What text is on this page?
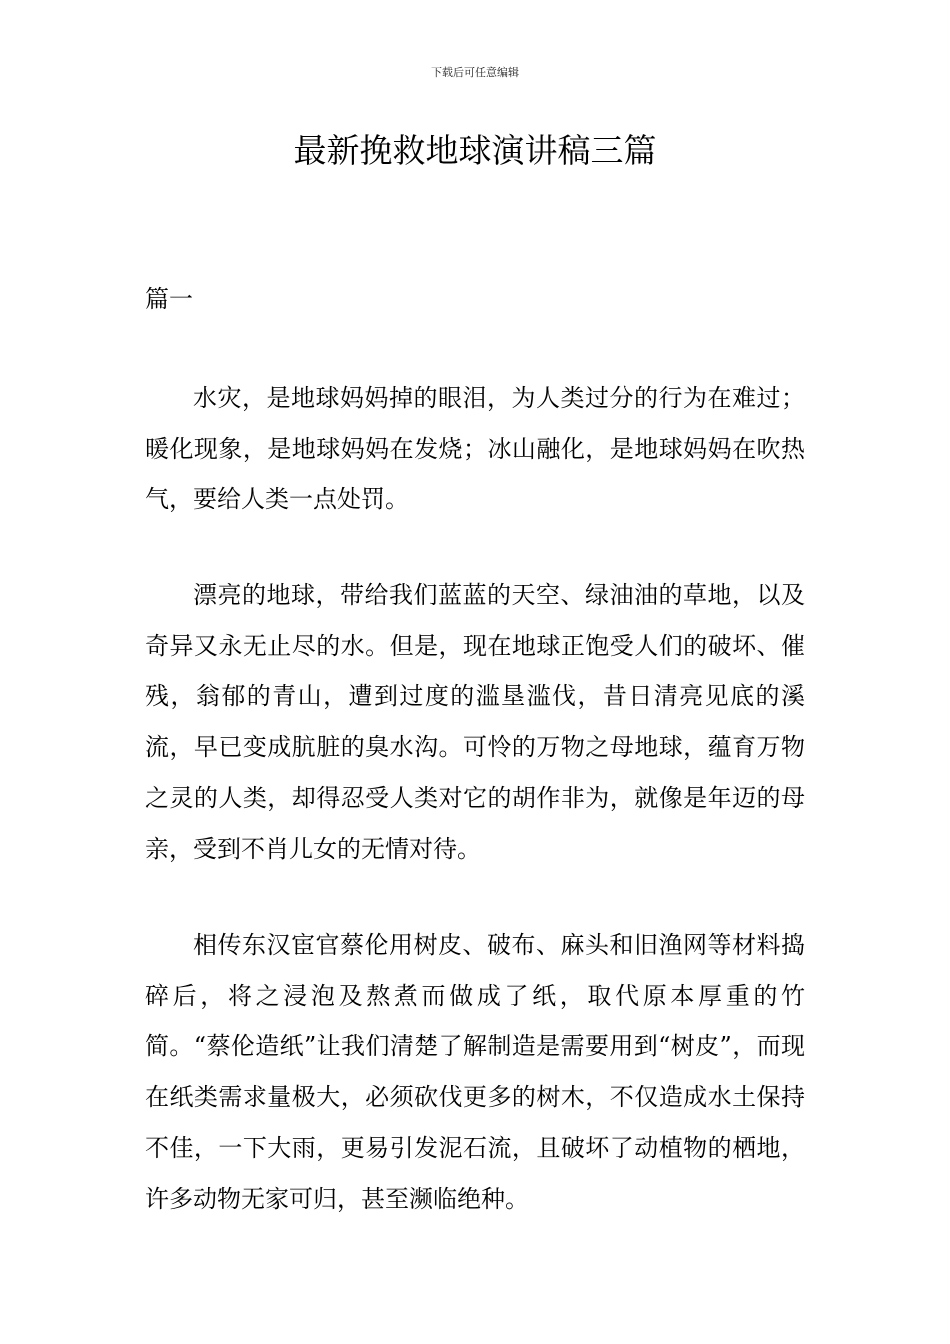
下载后可任意编辑
最新挽救地球演讲稿三篇
篇一

水灾，是地球妈妈掉的眼泪，为人类过分的行为在难过；暖化现象，是地球妈妈在发烧；冰山融化，是地球妈妈在吹热气，要给人类一点处罚。

漂亮的地球，带给我们蓝蓝的天空、绿油油的草地，以及奇异又永无止尽的水。但是，现在地球正饱受人们的破坏、催残，翁郁的青山，遭到过度的滥垦滥伐，昔日清亮见底的溪流，早已变成肮脏的臭水沟。可怜的万物之母地球，蕴育万物之灵的人类，却得忍受人类对它的胡作非为，就像是年迈的母亲，受到不肖儿女的无情对待。

相传东汉宦官蔡伦用树皮、破布、麻头和旧渔网等材料捣碎后，将之浸泡及熬煮而做成了纸，取代原本厚重的竹简。“蔡伦造纸”让我们清楚了解制造是需要用到“树皮”，而现在纸类需求量极大，必须砍伐更多的树木，不仅造成水土保持不佳，一下大雨，更易引发泥石流，且破坏了动植物的栖地，许多动物无家可归，甚至濒临绝种。
